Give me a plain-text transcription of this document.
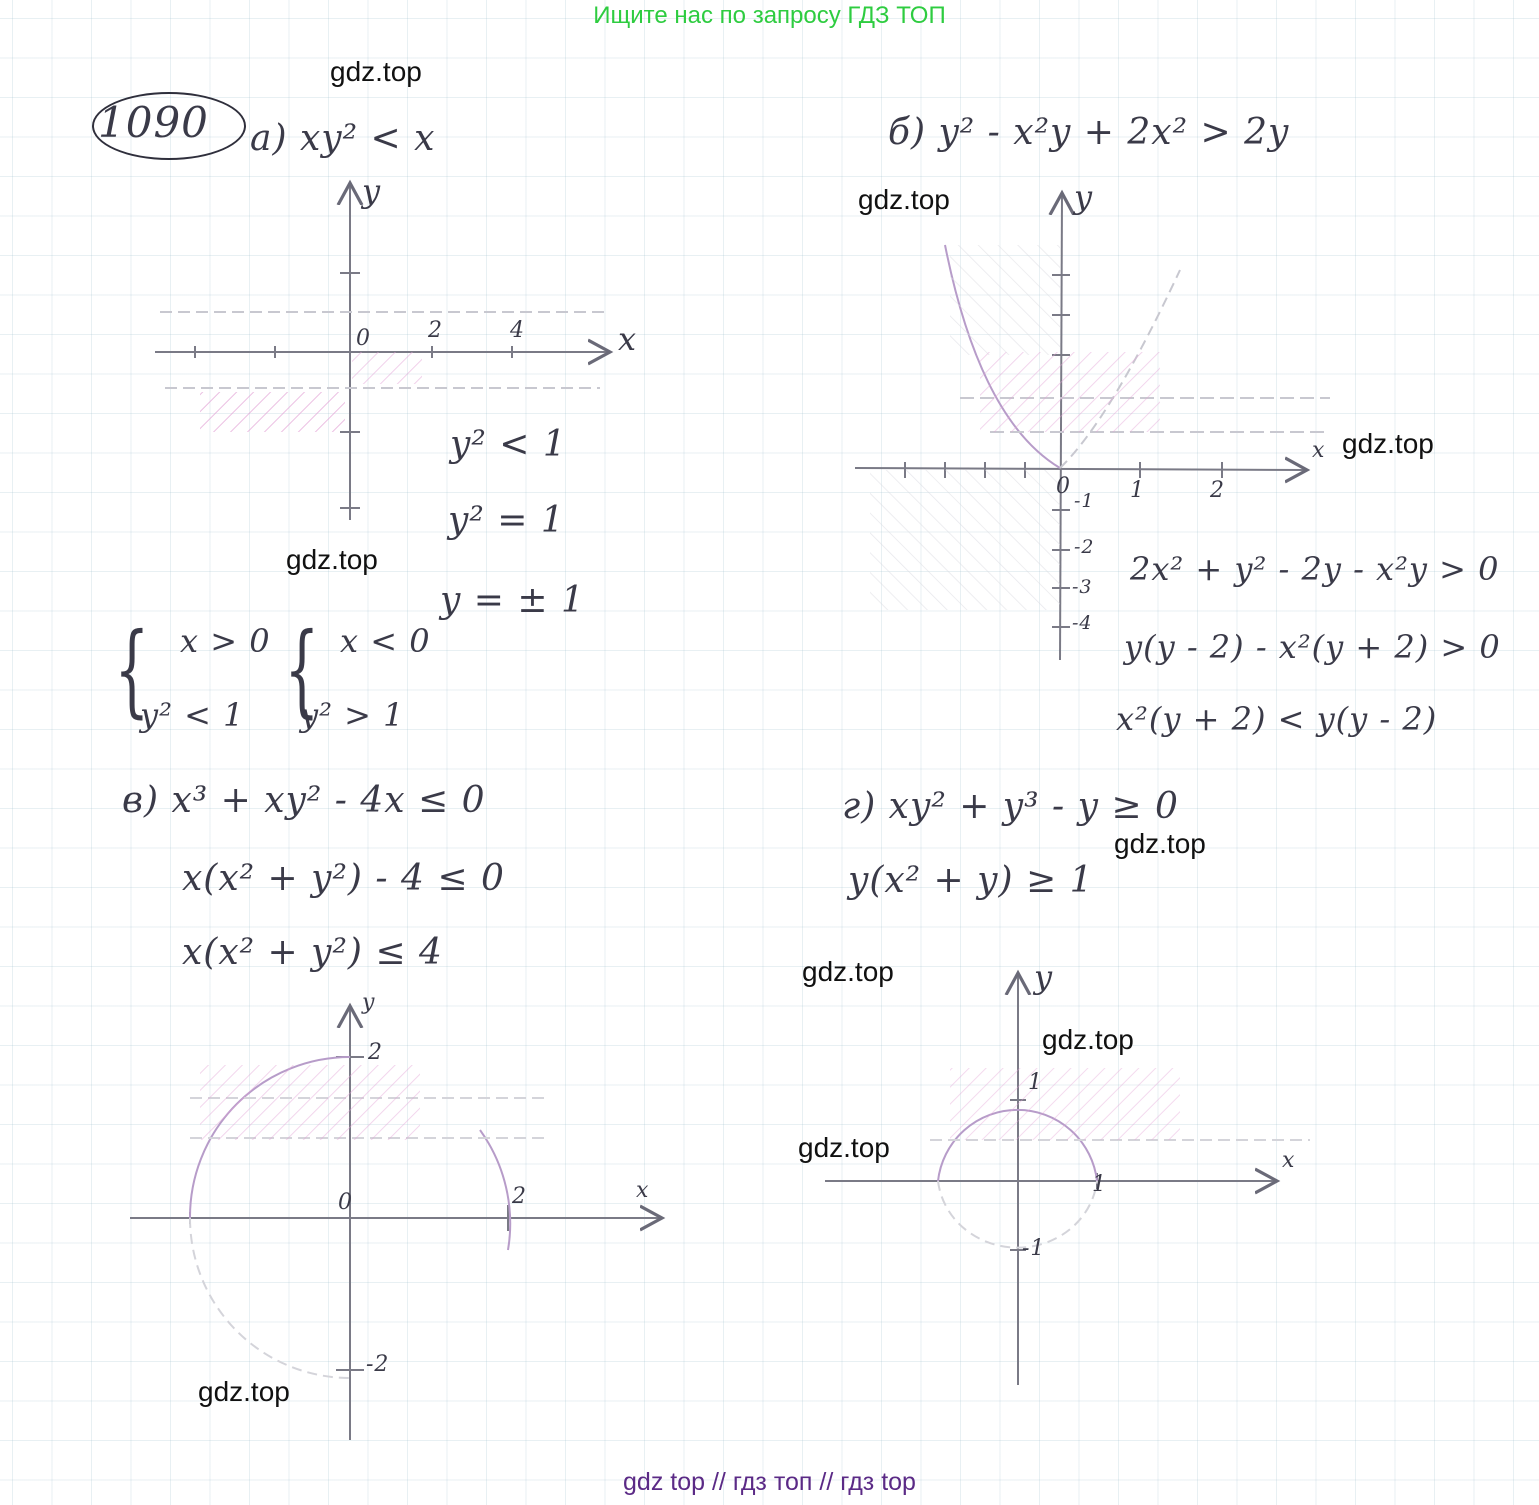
Ищите нас по запросу ГДЗ ТОП
1090 а) xy² < x
y
x
0	2	4
y² < 1
y² = 1
y = ± 1
{ x > 0
y² < 1 { x < 0
y² > 1
б) y² - x²y + 2x² > 2y
y
x
0	1	2
-1
-2
-3
-4
2x² + y² - 2y - x²y > 0
y(y - 2) - x²(y + 2) > 0
x²(y + 2) < y(y - 2)
в) x³ + xy² - 4x ≤ 0
x(x² + y²) - 4 ≤ 0
x(x² + y²) ≤ 4
y
x
0
2
2
-2
г) xy² + y³ - y ≥ 0
y(x² + y) ≥ 1
y
x
1
1
-1
gdz.top
gdz.top
gdz.top
gdz.top
gdz.top
gdz.top
gdz.top
gdz.top
gdz.top
gdz top // гдз топ // гдз top
